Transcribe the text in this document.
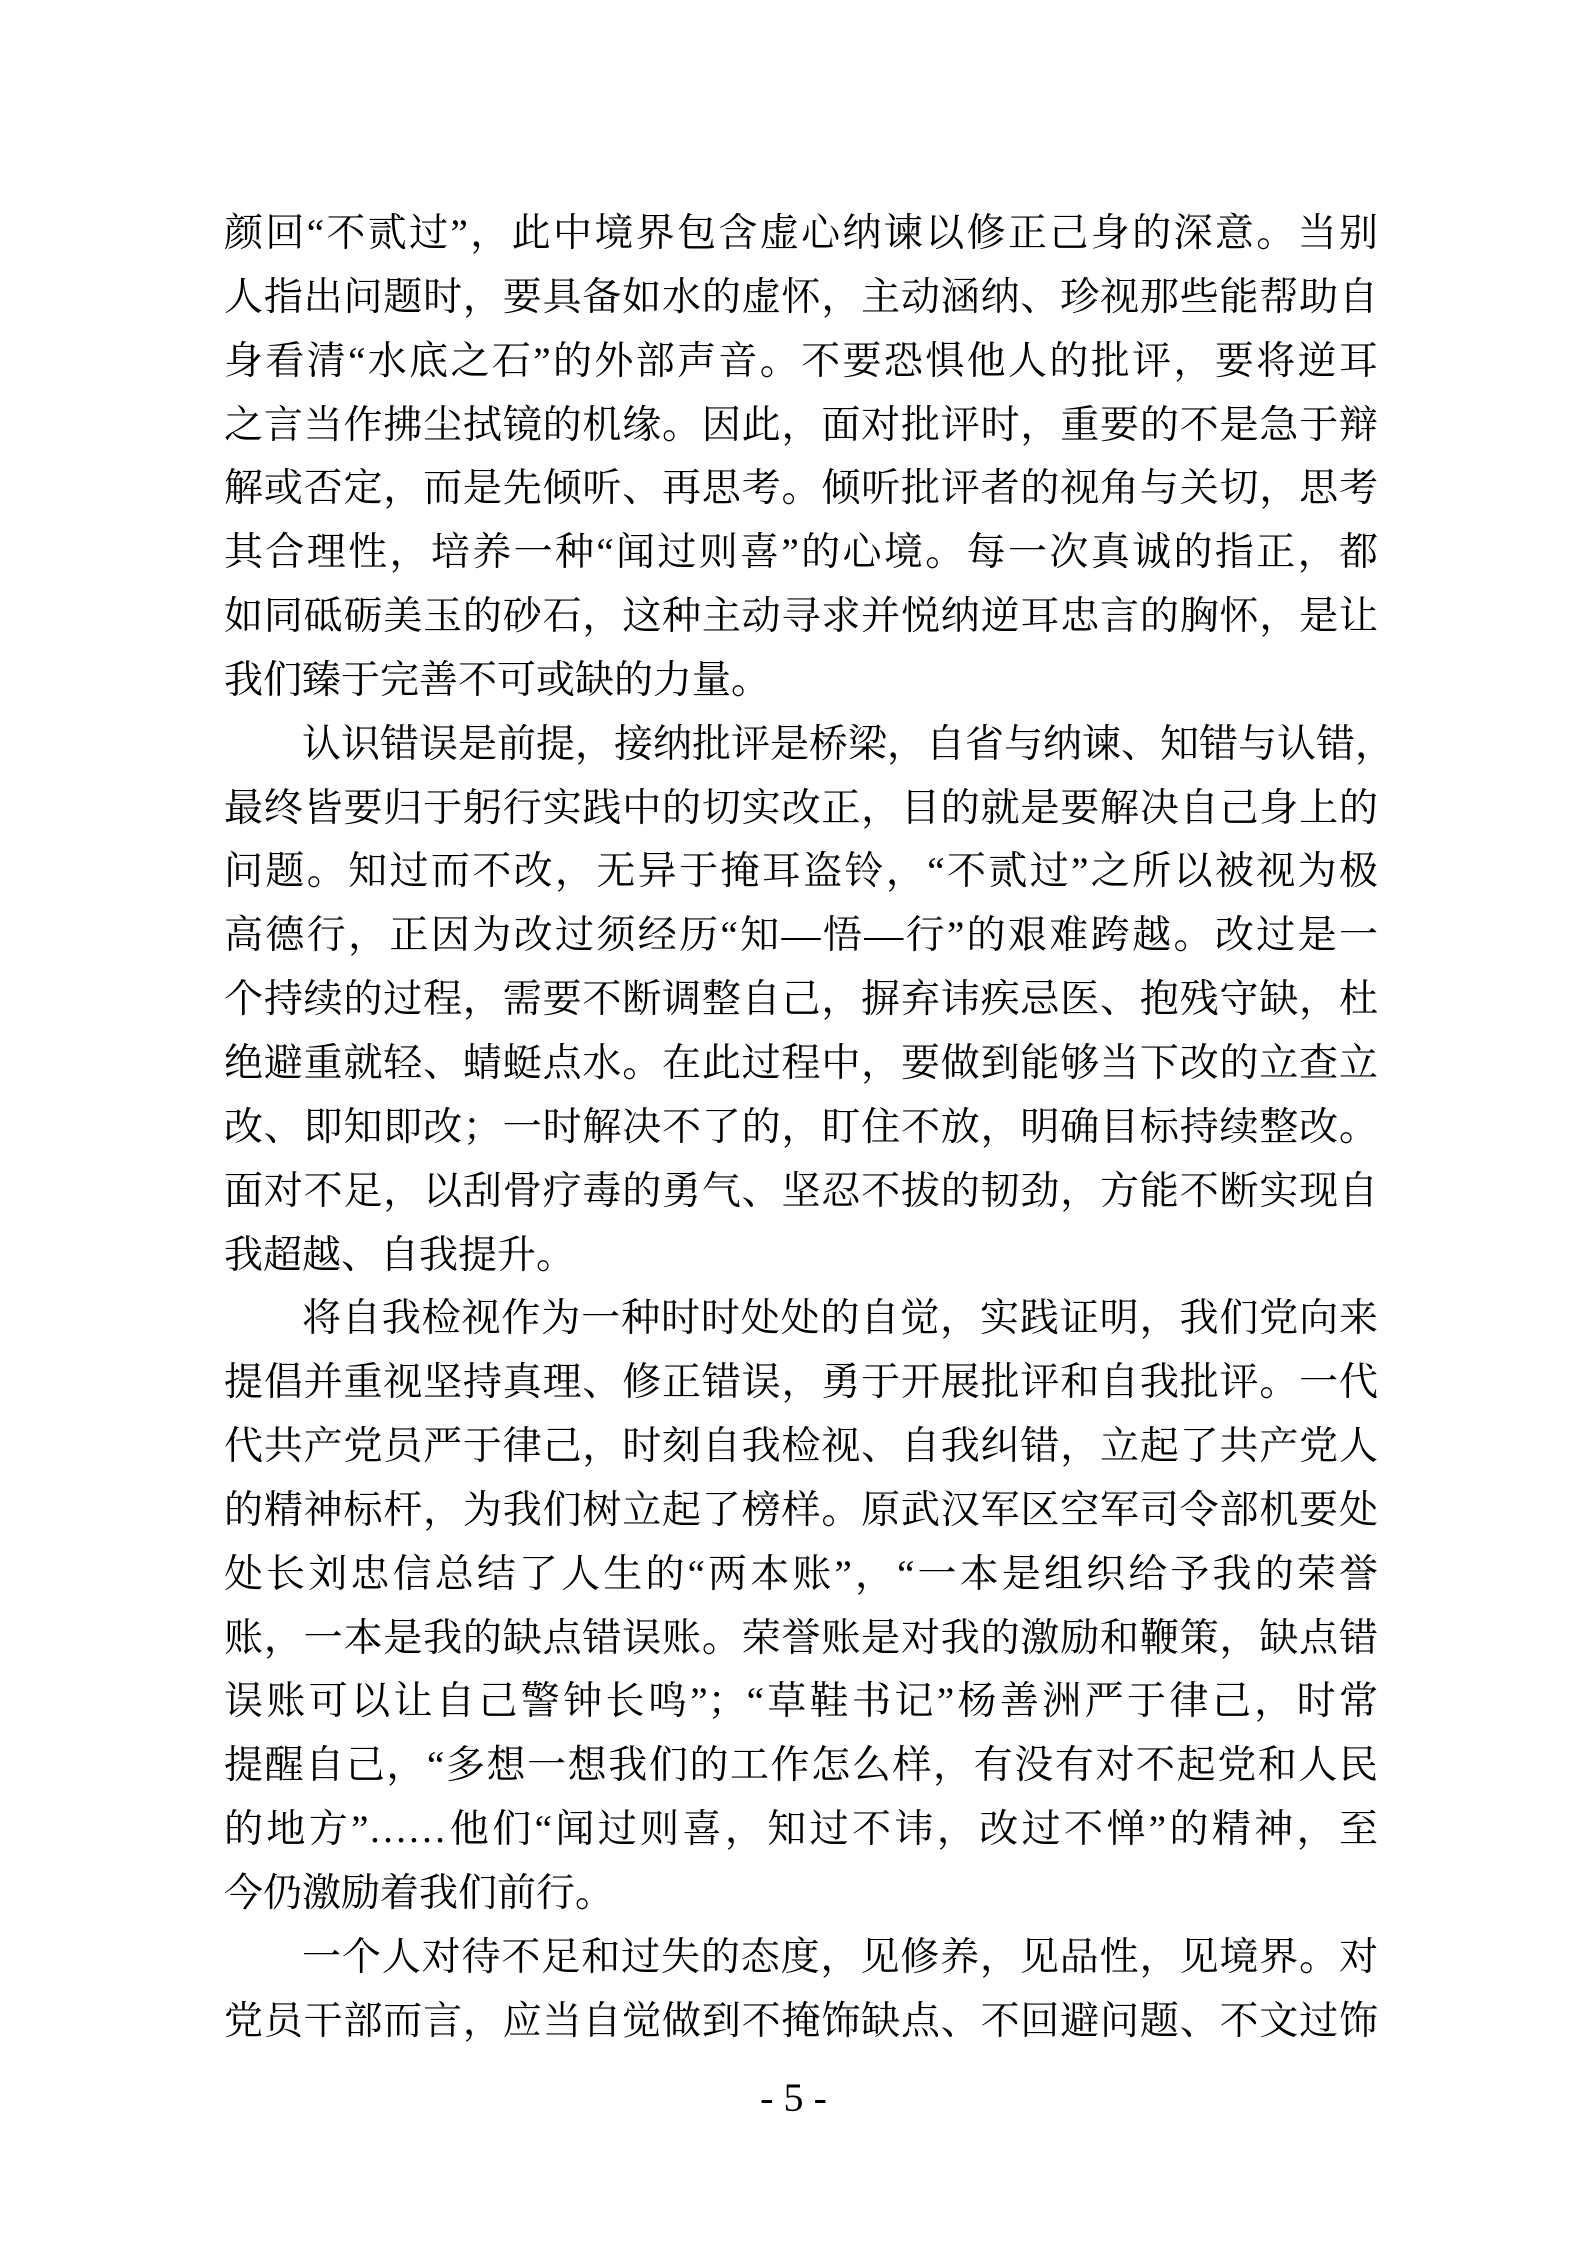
颜回“不贰过”，此中境界包含虚心纳谏以修正己身的深意。当别
人指出问题时，要具备如水的虚怀，主动涵纳、珍视那些能帮助自
身看清“水底之石”的外部声音。不要恐惧他人的批评，要将逆耳
之言当作拂尘拭镜的机缘。因此，面对批评时，重要的不是急于辩
解或否定，而是先倾听、再思考。倾听批评者的视角与关切，思考
其合理性，培养一种“闻过则喜”的心境。每一次真诚的指正，都
如同砥砺美玉的砂石，这种主动寻求并悦纳逆耳忠言的胸怀，是让
我们臻于完善不可或缺的力量。
认识错误是前提，接纳批评是桥梁，自省与纳谏、知错与认错，
最终皆要归于躬行实践中的切实改正，目的就是要解决自己身上的
问题。知过而不改，无异于掩耳盗铃，“不贰过”之所以被视为极
高德行，正因为改过须经历“知—悟—行”的艰难跨越。改过是一
个持续的过程，需要不断调整自己，摒弃讳疾忌医、抱残守缺，杜
绝避重就轻、蜻蜓点水。在此过程中，要做到能够当下改的立查立
改、即知即改；一时解决不了的，盯住不放，明确目标持续整改。
面对不足，以刮骨疗毒的勇气、坚忍不拔的韧劲，方能不断实现自
我超越、自我提升。
将自我检视作为一种时时处处的自觉，实践证明，我们党向来
提倡并重视坚持真理、修正错误，勇于开展批评和自我批评。一代
代共产党员严于律己，时刻自我检视、自我纠错，立起了共产党人
的精神标杆，为我们树立起了榜样。原武汉军区空军司令部机要处
处长刘忠信总结了人生的“两本账”，“一本是组织给予我的荣誉
账，一本是我的缺点错误账。荣誉账是对我的激励和鞭策，缺点错
误账可以让自己警钟长鸣”；“草鞋书记”杨善洲严于律己，时常
提醒自己，“多想一想我们的工作怎么样，有没有对不起党和人民
的地方”……他们“闻过则喜，知过不讳，改过不惮”的精神，至
今仍激励着我们前行。
一个人对待不足和过失的态度，见修养，见品性，见境界。对
党员干部而言，应当自觉做到不掩饰缺点、不回避问题、不文过饰
- 5 -
